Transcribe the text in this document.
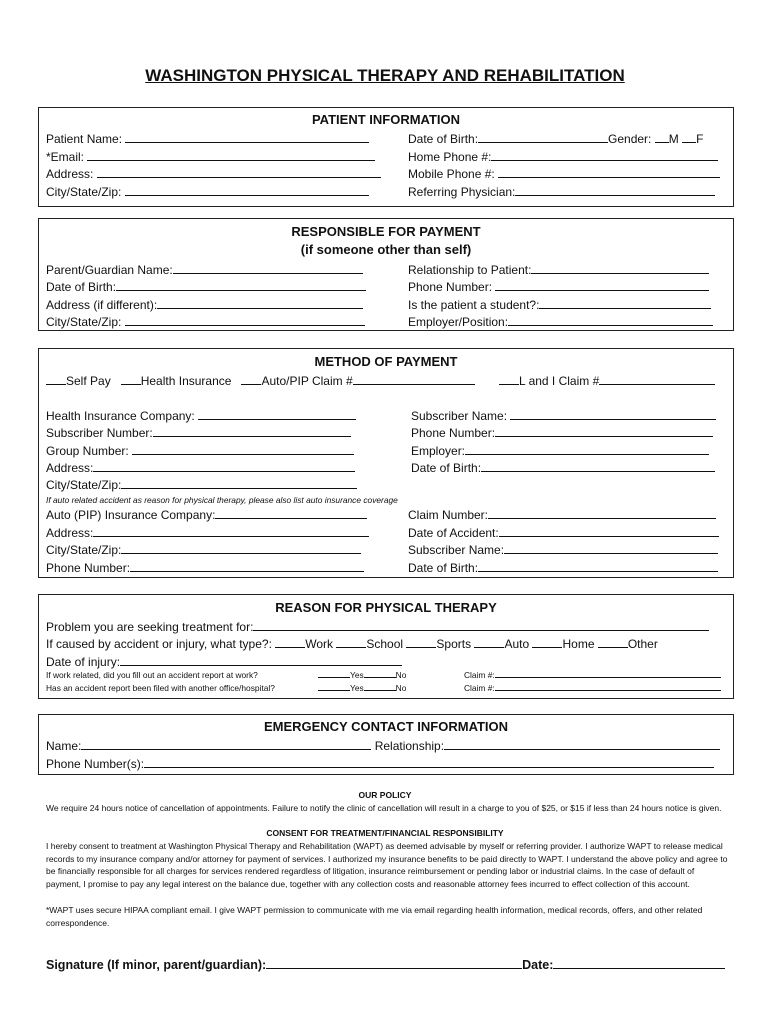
WASHINGTON PHYSICAL THERAPY AND REHABILITATION
PATIENT INFORMATION
Patient Name:
*Email:
Address:
City/State/Zip:
Date of Birth:	Gender: M F
Home Phone #:
Mobile Phone #:
Referring Physician:
RESPONSIBLE FOR PAYMENT
(if someone other than self)
Parent/Guardian Name:
Date of Birth:
Address (if different):
City/State/Zip:
Relationship to Patient:
Phone Number:
Is the patient a student?:
Employer/Position:
METHOD OF PAYMENT
Self Pay	Health Insurance	Auto/PIP Claim #	L and I Claim #
Health Insurance Company:
Subscriber Number:
Group Number:
Address:
City/State/Zip:
Subscriber Name:
Phone Number:
Employer:
Date of Birth:
If auto related accident as reason for physical therapy, please also list auto insurance coverage
Auto (PIP) Insurance Company:
Address:
City/State/Zip:
Phone Number:
Claim Number:
Date of Accident:
Subscriber Name:
Date of Birth:
REASON FOR PHYSICAL THERAPY
Problem you are seeking treatment for:
If caused by accident or injury, what type?:	Work	School	Sports	Auto	Home	Other
Date of injury:
If work related, did you fill out an accident report at work?	Yes	No	Claim #:
Has an accident report been filed with another office/hospital?	Yes	No	Claim #:
EMERGENCY CONTACT INFORMATION
Name:	Relationship:
Phone Number(s):
OUR POLICY
We require 24 hours notice of cancellation of appointments. Failure to notify the clinic of cancellation will result in a charge to you of $25, or $15 if less than 24 hours notice is given.
CONSENT FOR TREATMENT/FINANCIAL RESPONSIBILITY
I hereby consent to treatment at Washington Physical Therapy and Rehabilitation (WAPT) as deemed advisable by myself or referring provider. I authorize WAPT to release medical records to my insurance company and/or attorney for payment of services. I authorized my insurance benefits to be paid directly to WAPT. I understand the above policy and agree to be financially responsible for all charges for services rendered regardless of litigation, insurance reimbursement or pending labor or industrial claims. In the case of default of payment, I promise to pay any legal interest on the balance due, together with any collection costs and reasonable attorney fees incurred to effect collection of this account.
*WAPT uses secure HIPAA compliant email. I give WAPT permission to communicate with me via email regarding health information, medical records, offers, and other related correspondence.
Signature (If minor, parent/guardian):	Date:
